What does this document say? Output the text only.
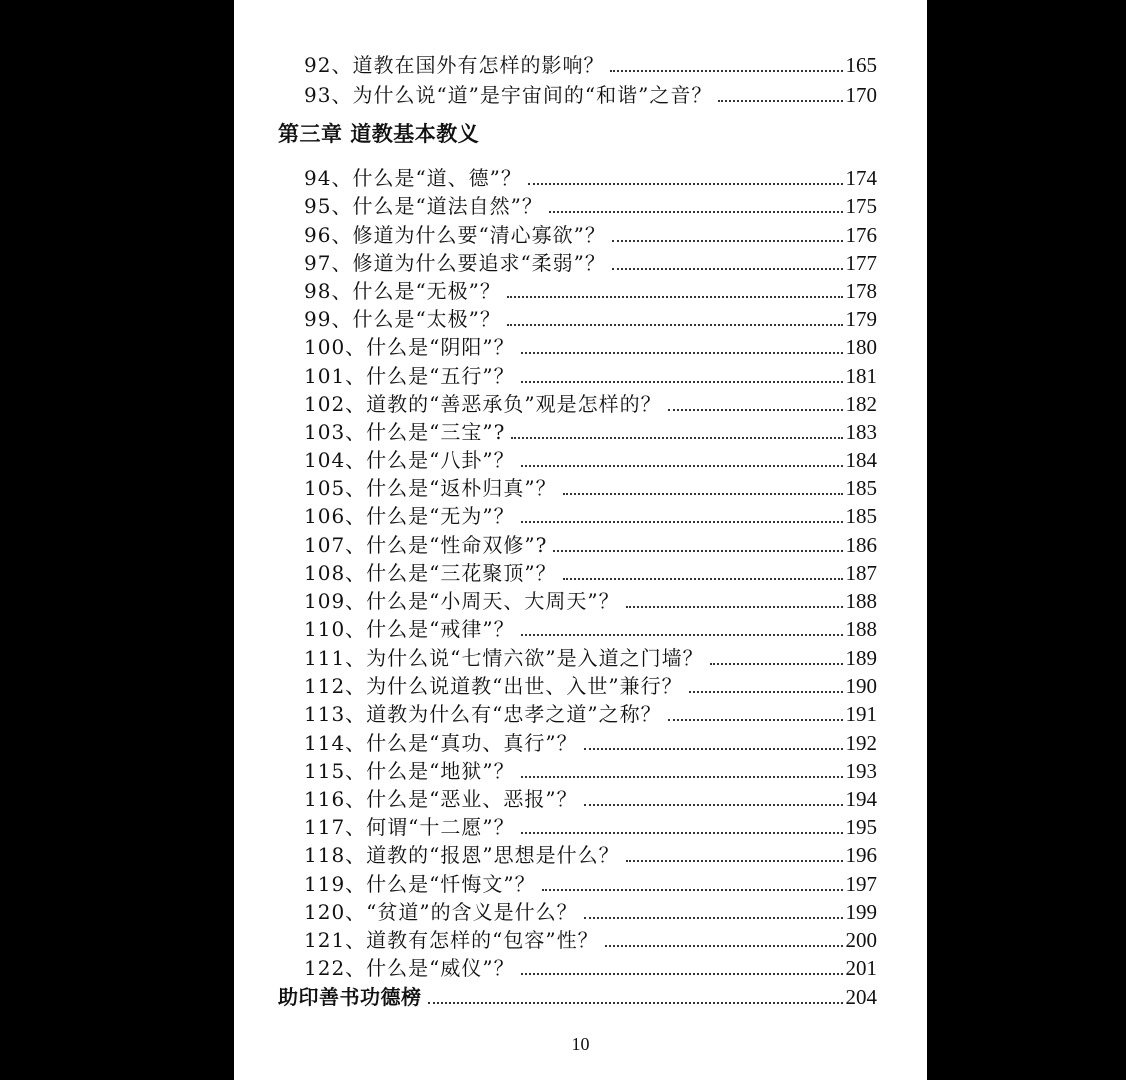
92、道教在国外有怎样的影响？	165
93、为什么说“道”是宇宙间的“和谐”之音？	170
第三章 道教基本教义
94、什么是“道、德”？	174
95、什么是“道法自然”？	175
96、修道为什么要“清心寡欲”？	176
97、修道为什么要追求“柔弱”？	177
98、什么是“无极”？	178
99、什么是“太极”？	179
100、什么是“阴阳”？	180
101、什么是“五行”？	181
102、道教的“善恶承负”观是怎样的？	182
103、什么是“三宝”?	183
104、什么是“八卦”？	184
105、什么是“返朴归真”？	185
106、什么是“无为”？	185
107、什么是“性命双修”?	186
108、什么是“三花聚顶”？	187
109、什么是“小周天、大周天”？	188
110、什么是“戒律”？	188
111、为什么说“七情六欲”是入道之门墙？	189
112、为什么说道教“出世、入世”兼行？	190
113、道教为什么有“忠孝之道”之称？	191
114、什么是“真功、真行”？	192
115、什么是“地狱”？	193
116、什么是“恶业、恶报”？	194
117、何谓“十二愿”？	195
118、道教的“报恩”思想是什么？	196
119、什么是“忏悔文”？	197
120、“贫道”的含义是什么？	199
121、道教有怎样的“包容”性？	200
122、什么是“威仪”？	201
助印善书功德榜	204
10
